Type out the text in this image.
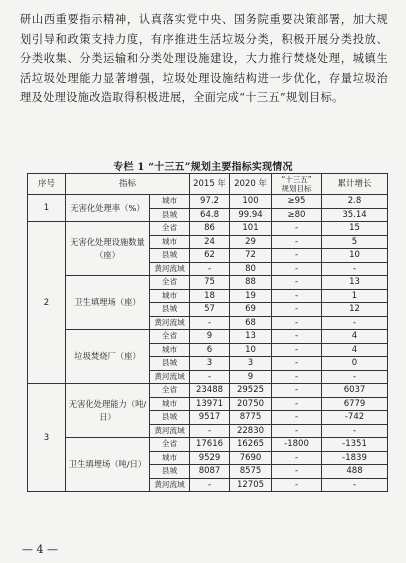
研山西重要指示精神，认真落实党中央、国务院重要决策部署，加大规划引导和政策支持力度，有序推进生活垃圾分类，积极开展分类投放、分类收集、分类运输和分类处理设施建设，大力推行焚烧处理，城镇生活垃圾处理能力显著增强，垃圾处理设施结构进一步优化，存量垃圾治理及处理设施改造取得积极进展，全面完成“十三五”规划目标。

专栏 1 “十三五”规划主要指标实现情况
序号	指标		2015 年	2020 年	“十三五”
规划目标	累计增长
1	无害化处理率（%）	城市	97.2	100	≥95	2.8
		县城	64.8	99.94	≥80	35.14
2	无害化处理设施数量（座）	全省	86	101	-	15
		城市	24	29	-	5
		县城	62	72	-	10
		黄河流域	-	80	-	-
	卫生填埋场（座）	全省	75	88	-	13
		城市	18	19	-	1
		县城	57	69	-	12
		黄河流域	-	68	-	-
	垃圾焚烧厂（座）	全省	9	13	-	4
		城市	6	10	-	4
		县城	3	3	-	0
		黄河流域	-	9	-	-
3	无害化处理能力（吨/日）	全省	23488	29525	-	6037
		城市	13971	20750	-	6779
		县城	9517	8775	-	-742
		黄河流域	-	22830	-	-
	卫生填埋场（吨/日）	全省	17616	16265	-1800	-1351
		城市	9529	7690	-	-1839
		县城	8087	8575	-	488
		黄河流域	-	12705	-	-
— 4 —
